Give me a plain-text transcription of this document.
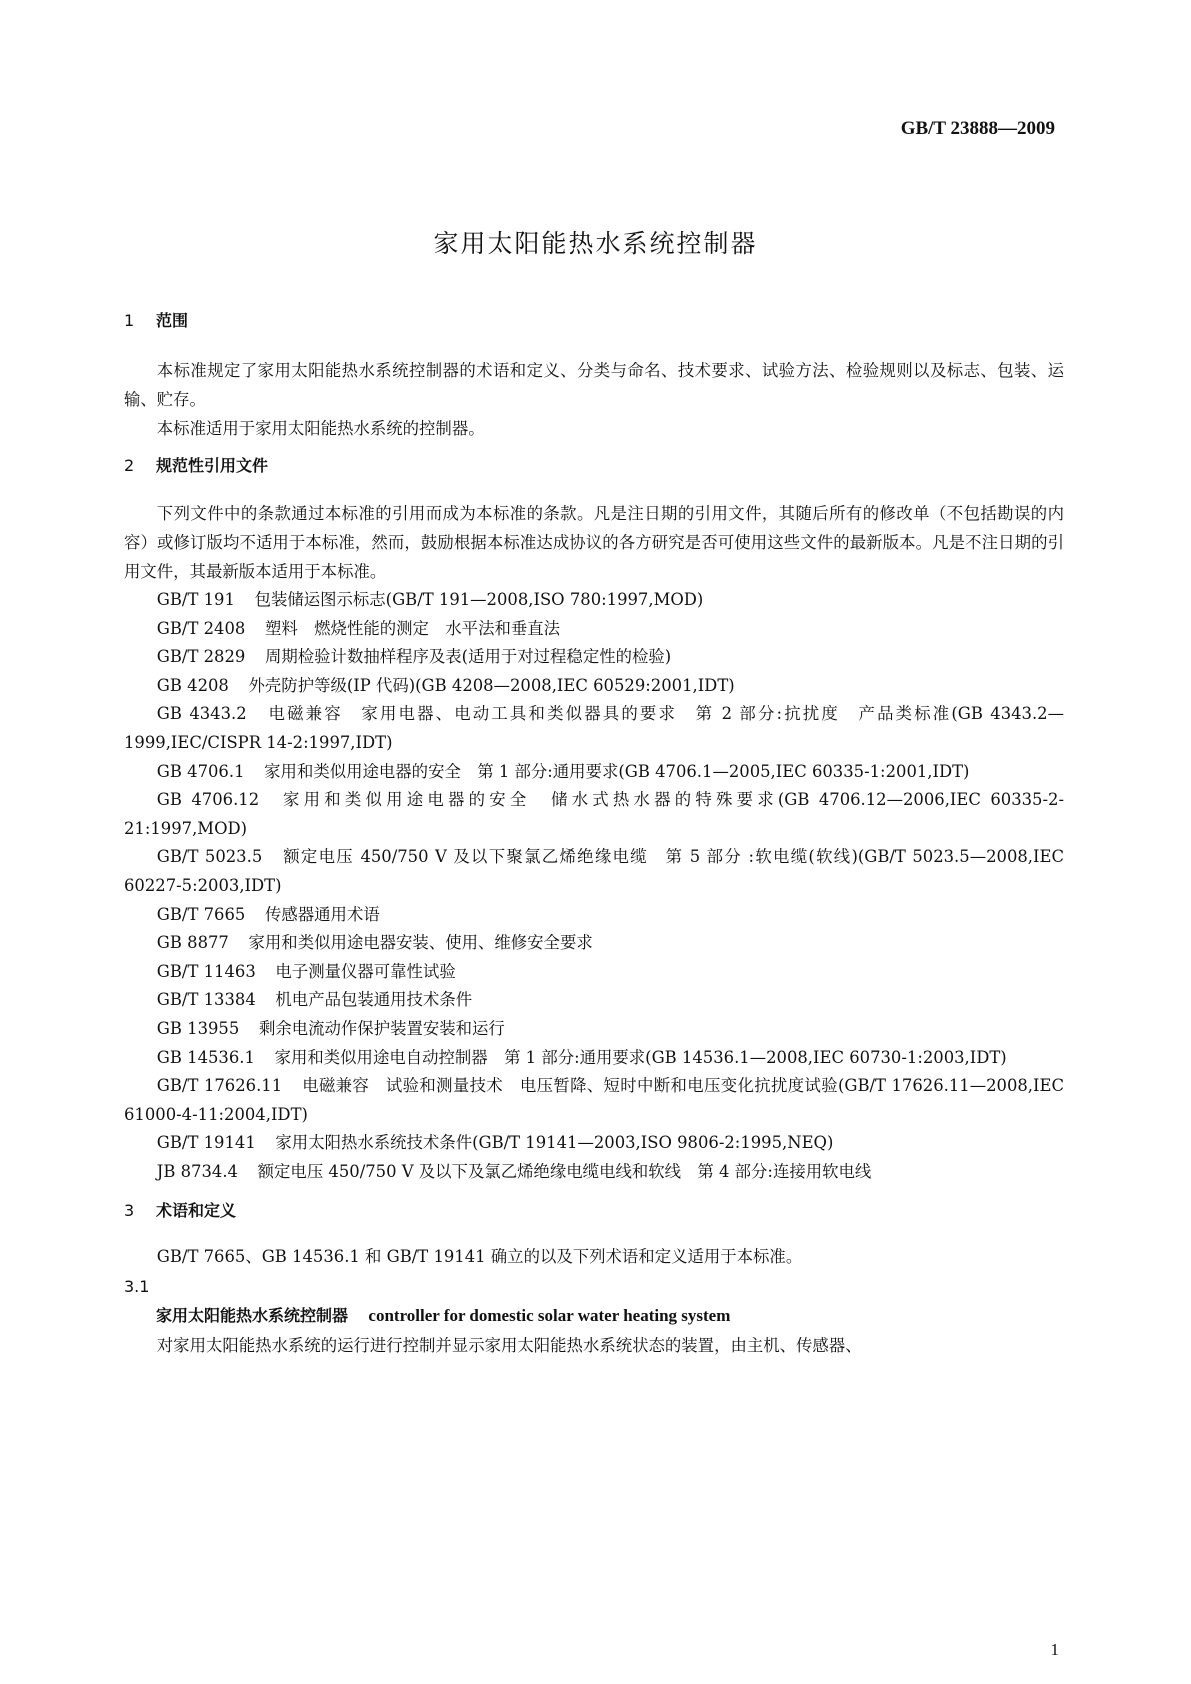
GB/T 23888—2009
家用太阳能热水系统控制器
1 范围

本标准规定了家用太阳能热水系统控制器的术语和定义、分类与命名、技术要求、试验方法、检验规则以及标志、包装、运输、贮存。

本标准适用于家用太阳能热水系统的控制器。

2 规范性引用文件

下列文件中的条款通过本标准的引用而成为本标准的条款。凡是注日期的引用文件，其随后所有的修改单（不包括勘误的内容）或修订版均不适用于本标准，然而，鼓励根据本标准达成协议的各方研究是否可使用这些文件的最新版本。凡是不注日期的引用文件，其最新版本适用于本标准。

GB/T 191 包装储运图示标志(GB/T 191—2008,ISO 780:1997,MOD)

GB/T 2408 塑料　燃烧性能的测定　水平法和垂直法

GB/T 2829 周期检验计数抽样程序及表(适用于对过程稳定性的检验)

GB 4208 外壳防护等级(IP 代码)(GB 4208—2008,IEC 60529:2001,IDT)

GB 4343.2 电磁兼容　家用电器、电动工具和类似器具的要求　第 2 部分:抗扰度　产品类标准(GB 4343.2—1999,IEC/CISPR 14-2:1997,IDT)

GB 4706.1 家用和类似用途电器的安全　第 1 部分:通用要求(GB 4706.1—2005,IEC 60335-1:2001,IDT)

GB 4706.12 家用和类似用途电器的安全　储水式热水器的特殊要求(GB 4706.12—2006,IEC 60335-2-21:1997,MOD)

GB/T 5023.5 额定电压 450/750 V 及以下聚氯乙烯绝缘电缆　第 5 部分 :软电缆(软线)(GB/T 5023.5—2008,IEC 60227-5:2003,IDT)

GB/T 7665 传感器通用术语

GB 8877 家用和类似用途电器安装、使用、维修安全要求

GB/T 11463 电子测量仪器可靠性试验

GB/T 13384 机电产品包装通用技术条件

GB 13955 剩余电流动作保护装置安装和运行

GB 14536.1 家用和类似用途电自动控制器　第 1 部分:通用要求(GB 14536.1—2008,IEC 60730-1:2003,IDT)

GB/T 17626.11 电磁兼容　试验和测量技术　电压暂降、短时中断和电压变化抗扰度试验(GB/T 17626.11—2008,IEC 61000-4-11:2004,IDT)

GB/T 19141 家用太阳热水系统技术条件(GB/T 19141—2003,ISO 9806-2:1995,NEQ)

JB 8734.4 额定电压 450/750 V 及以下及氯乙烯绝缘电缆电线和软线　第 4 部分:连接用软电线

3 术语和定义

GB/T 7665、GB 14536.1 和 GB/T 19141 确立的以及下列术语和定义适用于本标准。

3.1
家用太阳能热水系统控制器 controller for domestic solar water heating system

对家用太阳能热水系统的运行进行控制并显示家用太阳能热水系统状态的装置，由主机、传感器、

1
